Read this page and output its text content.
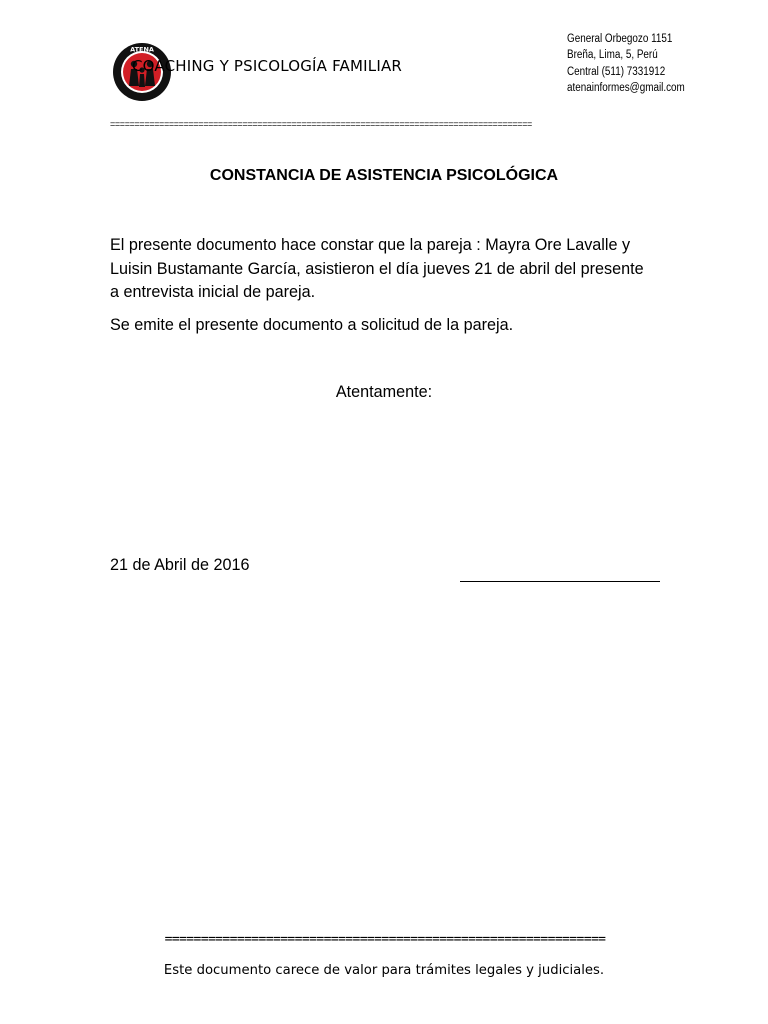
ATENA
COACHING Y PSICOLOGÍA FAMILIAR
General Orbegozo 1151
Breña, Lima, 5, Perú
Central (511) 7331912
atenainformes@gmail.com
======================================================================================
CONSTANCIA DE ASISTENCIA PSICOLÓGICA
El presente documento hace constar que la pareja : Mayra Ore Lavalle y Luisin Bustamante García, asistieron el día jueves 21 de abril del presente a entrevista inicial de pareja.
Se emite el presente documento a solicitud de la pareja.
Atentamente:
21 de Abril de 2016
=============================================================
Este documento carece de valor para trámites legales y judiciales.
